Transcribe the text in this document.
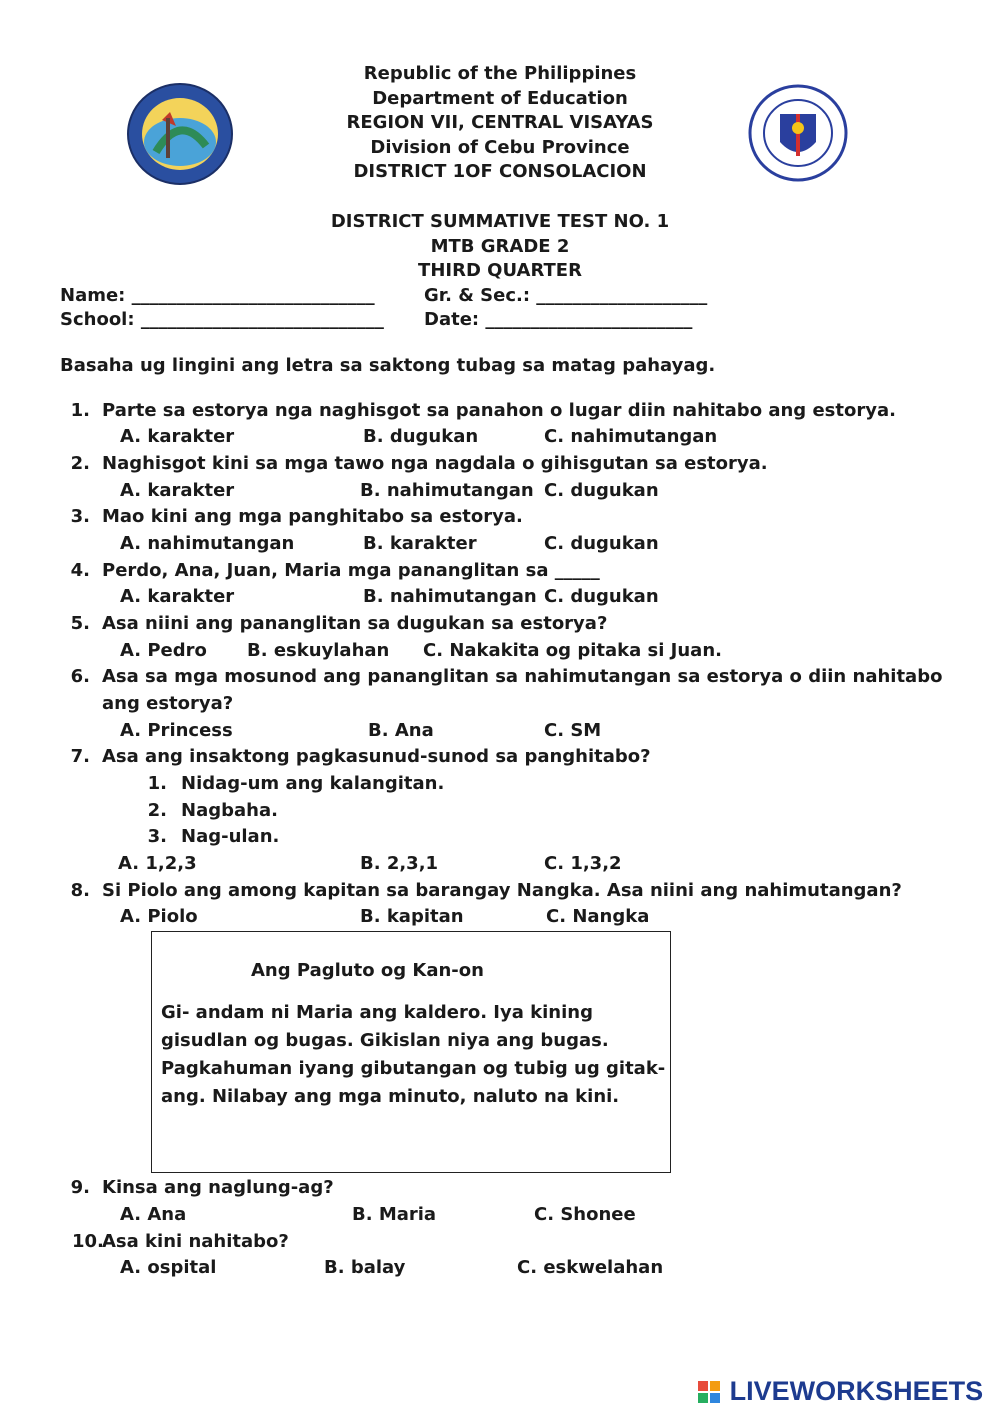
Republic of the Philippines
Department of Education
REGION VII, CENTRAL VISAYAS
Division of Cebu Province
DISTRICT 1OF CONSOLACION
DISTRICT SUMMATIVE TEST NO. 1
MTB GRADE 2
THIRD QUARTER
Name: ___________________________	Gr. & Sec.: ___________________
School: ___________________________ Date: _______________________
Basaha ug lingini ang letra sa saktong tubag sa matag pahayag.
1. Parte sa estorya nga naghisgot sa panahon o lugar diin nahitabo ang estorya.
A. karakter	B. dugukan	C. nahimutangan
2. Naghisgot kini sa mga tawo nga nagdala o gihisgutan sa estorya.
A. karakter	B. nahimutangan C. dugukan
3. Mao kini ang mga panghitabo sa estorya.
A. nahimutangan	B. karakter	C. dugukan
4. Perdo, Ana, Juan, Maria mga pananglitan sa _____
A. karakter	B. nahimutangan C. dugukan
5. Asa niini ang pananglitan sa dugukan sa estorya?
A. Pedro B. eskuylahan C. Nakakita og pitaka si Juan.
6. Asa sa mga mosunod ang pananglitan sa nahimutangan sa estorya o diin nahitabo
ang estorya?
A. Princess	B. Ana	C. SM
7. Asa ang insaktong pagkasunud-sunod sa panghitabo?
1. Nidag-um ang kalangitan.
2. Nagbaha.
3. Nag-ulan.
A. 1,2,3	B. 2,3,1	C. 1,3,2
8. Si Piolo ang among kapitan sa barangay Nangka. Asa niini ang nahimutangan?
A. Piolo	B. kapitan	C. Nangka
Ang Pagluto og Kan-on
Gi- andam ni Maria ang kaldero. Iya kining
gisudlan og bugas. Gikislan niya ang bugas.
Pagkahuman iyang gibutangan og tubig ug gitak-
ang. Nilabay ang mga minuto, naluto na kini.
9. Kinsa ang naglung-ag?
A. Ana	B. Maria	C. Shonee
10.
Asa kini nahitabo?
A. ospital	B. balay	C. eskwelahan
LIVEWORKSHEETS
